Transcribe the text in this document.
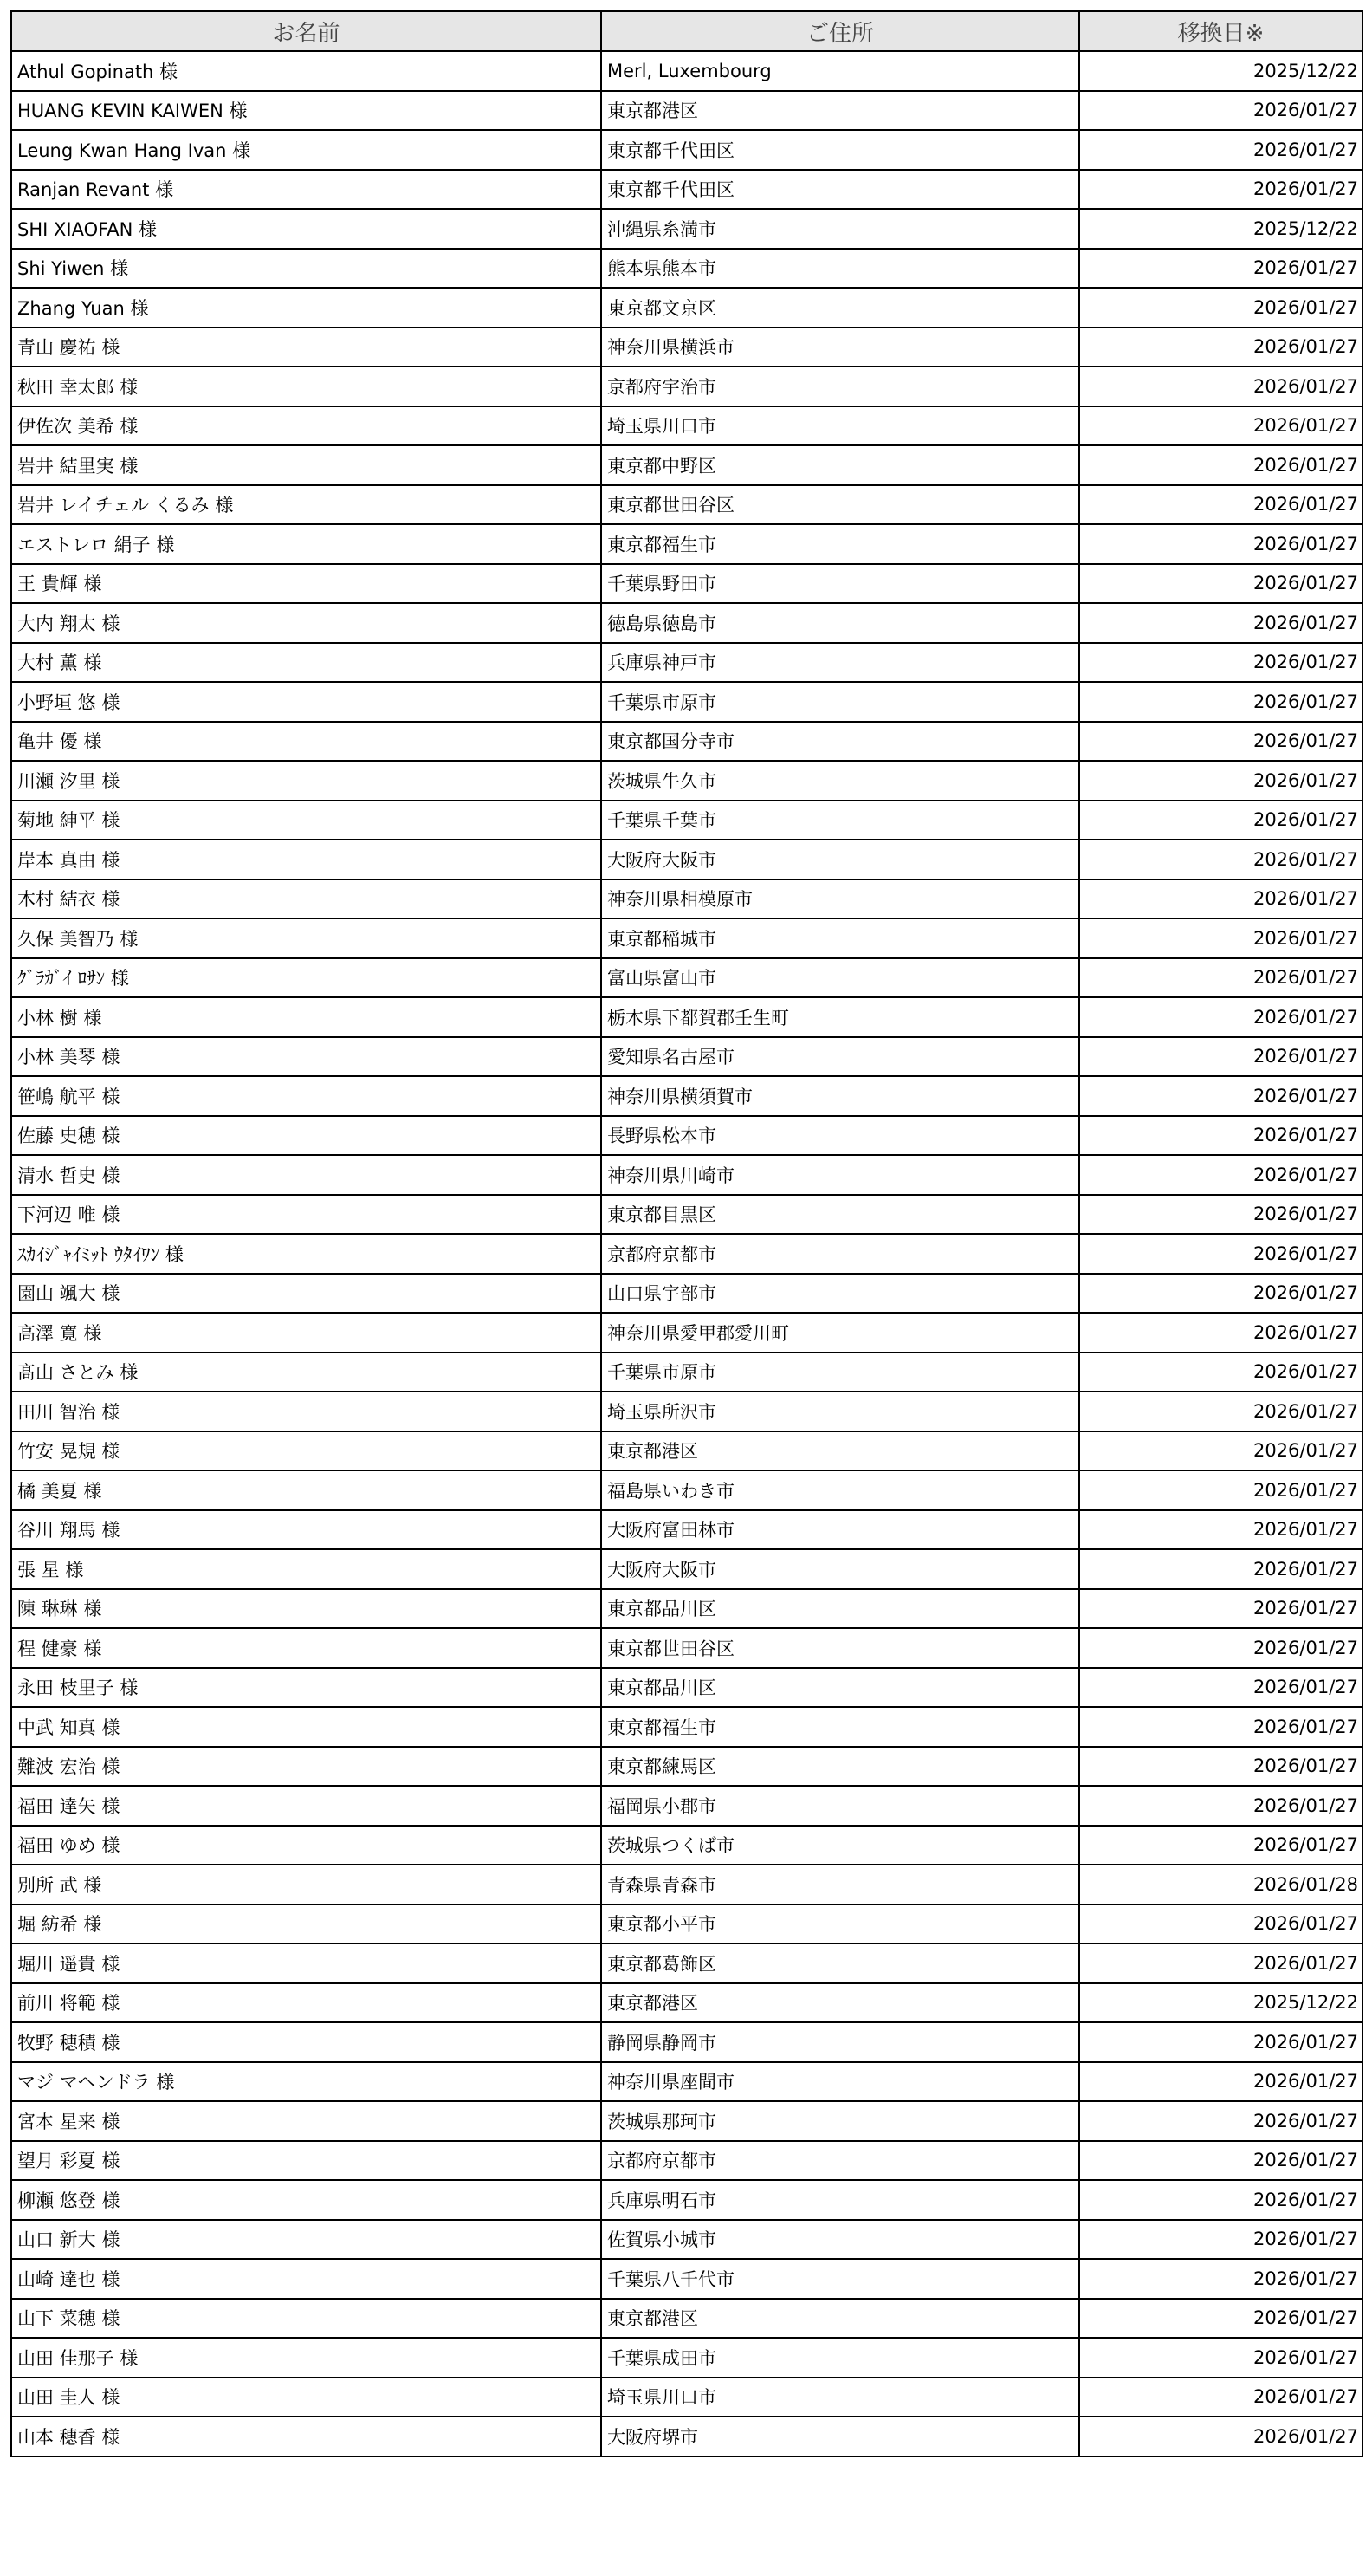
お名前	ご住所	移換日※
Athul Gopinath 様	Merl, Luxembourg	2025/12/22
HUANG KEVIN KAIWEN 様	東京都港区	2026/01/27
Leung Kwan Hang Ivan 様	東京都千代田区	2026/01/27
Ranjan Revant 様	東京都千代田区	2026/01/27
SHI XIAOFAN 様	沖縄県糸満市	2025/12/22
Shi Yiwen 様	熊本県熊本市	2026/01/27
Zhang Yuan 様	東京都文京区	2026/01/27
青山 慶祐 様	神奈川県横浜市	2026/01/27
秋田 幸太郎 様	京都府宇治市	2026/01/27
伊佐次 美希 様	埼玉県川口市	2026/01/27
岩井 結里実 様	東京都中野区	2026/01/27
岩井 レイチェル くるみ 様	東京都世田谷区	2026/01/27
エストレロ 絹子 様	東京都福生市	2026/01/27
王 貴輝 様	千葉県野田市	2026/01/27
大内 翔太 様	徳島県徳島市	2026/01/27
大村 薫 様	兵庫県神戸市	2026/01/27
小野垣 悠 様	千葉県市原市	2026/01/27
亀井 優 様	東京都国分寺市	2026/01/27
川瀬 汐里 様	茨城県牛久市	2026/01/27
菊地 紳平 様	千葉県千葉市	2026/01/27
岸本 真由 様	大阪府大阪市	2026/01/27
木村 結衣 様	神奈川県相模原市	2026/01/27
久保 美智乃 様	東京都稲城市	2026/01/27
ｸﾞﾗｶﾞｲ ﾛｻﾝ 様	富山県富山市	2026/01/27
小林 樹 様	栃木県下都賀郡壬生町	2026/01/27
小林 美琴 様	愛知県名古屋市	2026/01/27
笹嶋 航平 様	神奈川県横須賀市	2026/01/27
佐藤 史穂 様	長野県松本市	2026/01/27
清水 哲史 様	神奈川県川崎市	2026/01/27
下河辺 唯 様	東京都目黒区	2026/01/27
ｽｶｲｼﾞｬｲﾐｯﾄ ｳﾀｲﾜﾝ 様	京都府京都市	2026/01/27
園山 颯大 様	山口県宇部市	2026/01/27
高澤 寛 様	神奈川県愛甲郡愛川町	2026/01/27
髙山 さとみ 様	千葉県市原市	2026/01/27
田川 智治 様	埼玉県所沢市	2026/01/27
竹安 晃規 様	東京都港区	2026/01/27
橘 美夏 様	福島県いわき市	2026/01/27
谷川 翔馬 様	大阪府富田林市	2026/01/27
張 星 様	大阪府大阪市	2026/01/27
陳 琳琳 様	東京都品川区	2026/01/27
程 健豪 様	東京都世田谷区	2026/01/27
永田 枝里子 様	東京都品川区	2026/01/27
中武 知真 様	東京都福生市	2026/01/27
難波 宏治 様	東京都練馬区	2026/01/27
福田 達矢 様	福岡県小郡市	2026/01/27
福田 ゆめ 様	茨城県つくば市	2026/01/27
別所 武 様	青森県青森市	2026/01/28
堀 紡希 様	東京都小平市	2026/01/27
堀川 遥貴 様	東京都葛飾区	2026/01/27
前川 将範 様	東京都港区	2025/12/22
牧野 穂積 様	静岡県静岡市	2026/01/27
マジ マヘンドラ 様	神奈川県座間市	2026/01/27
宮本 星来 様	茨城県那珂市	2026/01/27
望月 彩夏 様	京都府京都市	2026/01/27
柳瀬 悠登 様	兵庫県明石市	2026/01/27
山口 新大 様	佐賀県小城市	2026/01/27
山崎 達也 様	千葉県八千代市	2026/01/27
山下 菜穂 様	東京都港区	2026/01/27
山田 佳那子 様	千葉県成田市	2026/01/27
山田 圭人 様	埼玉県川口市	2026/01/27
山本 穂香 様	大阪府堺市	2026/01/27
